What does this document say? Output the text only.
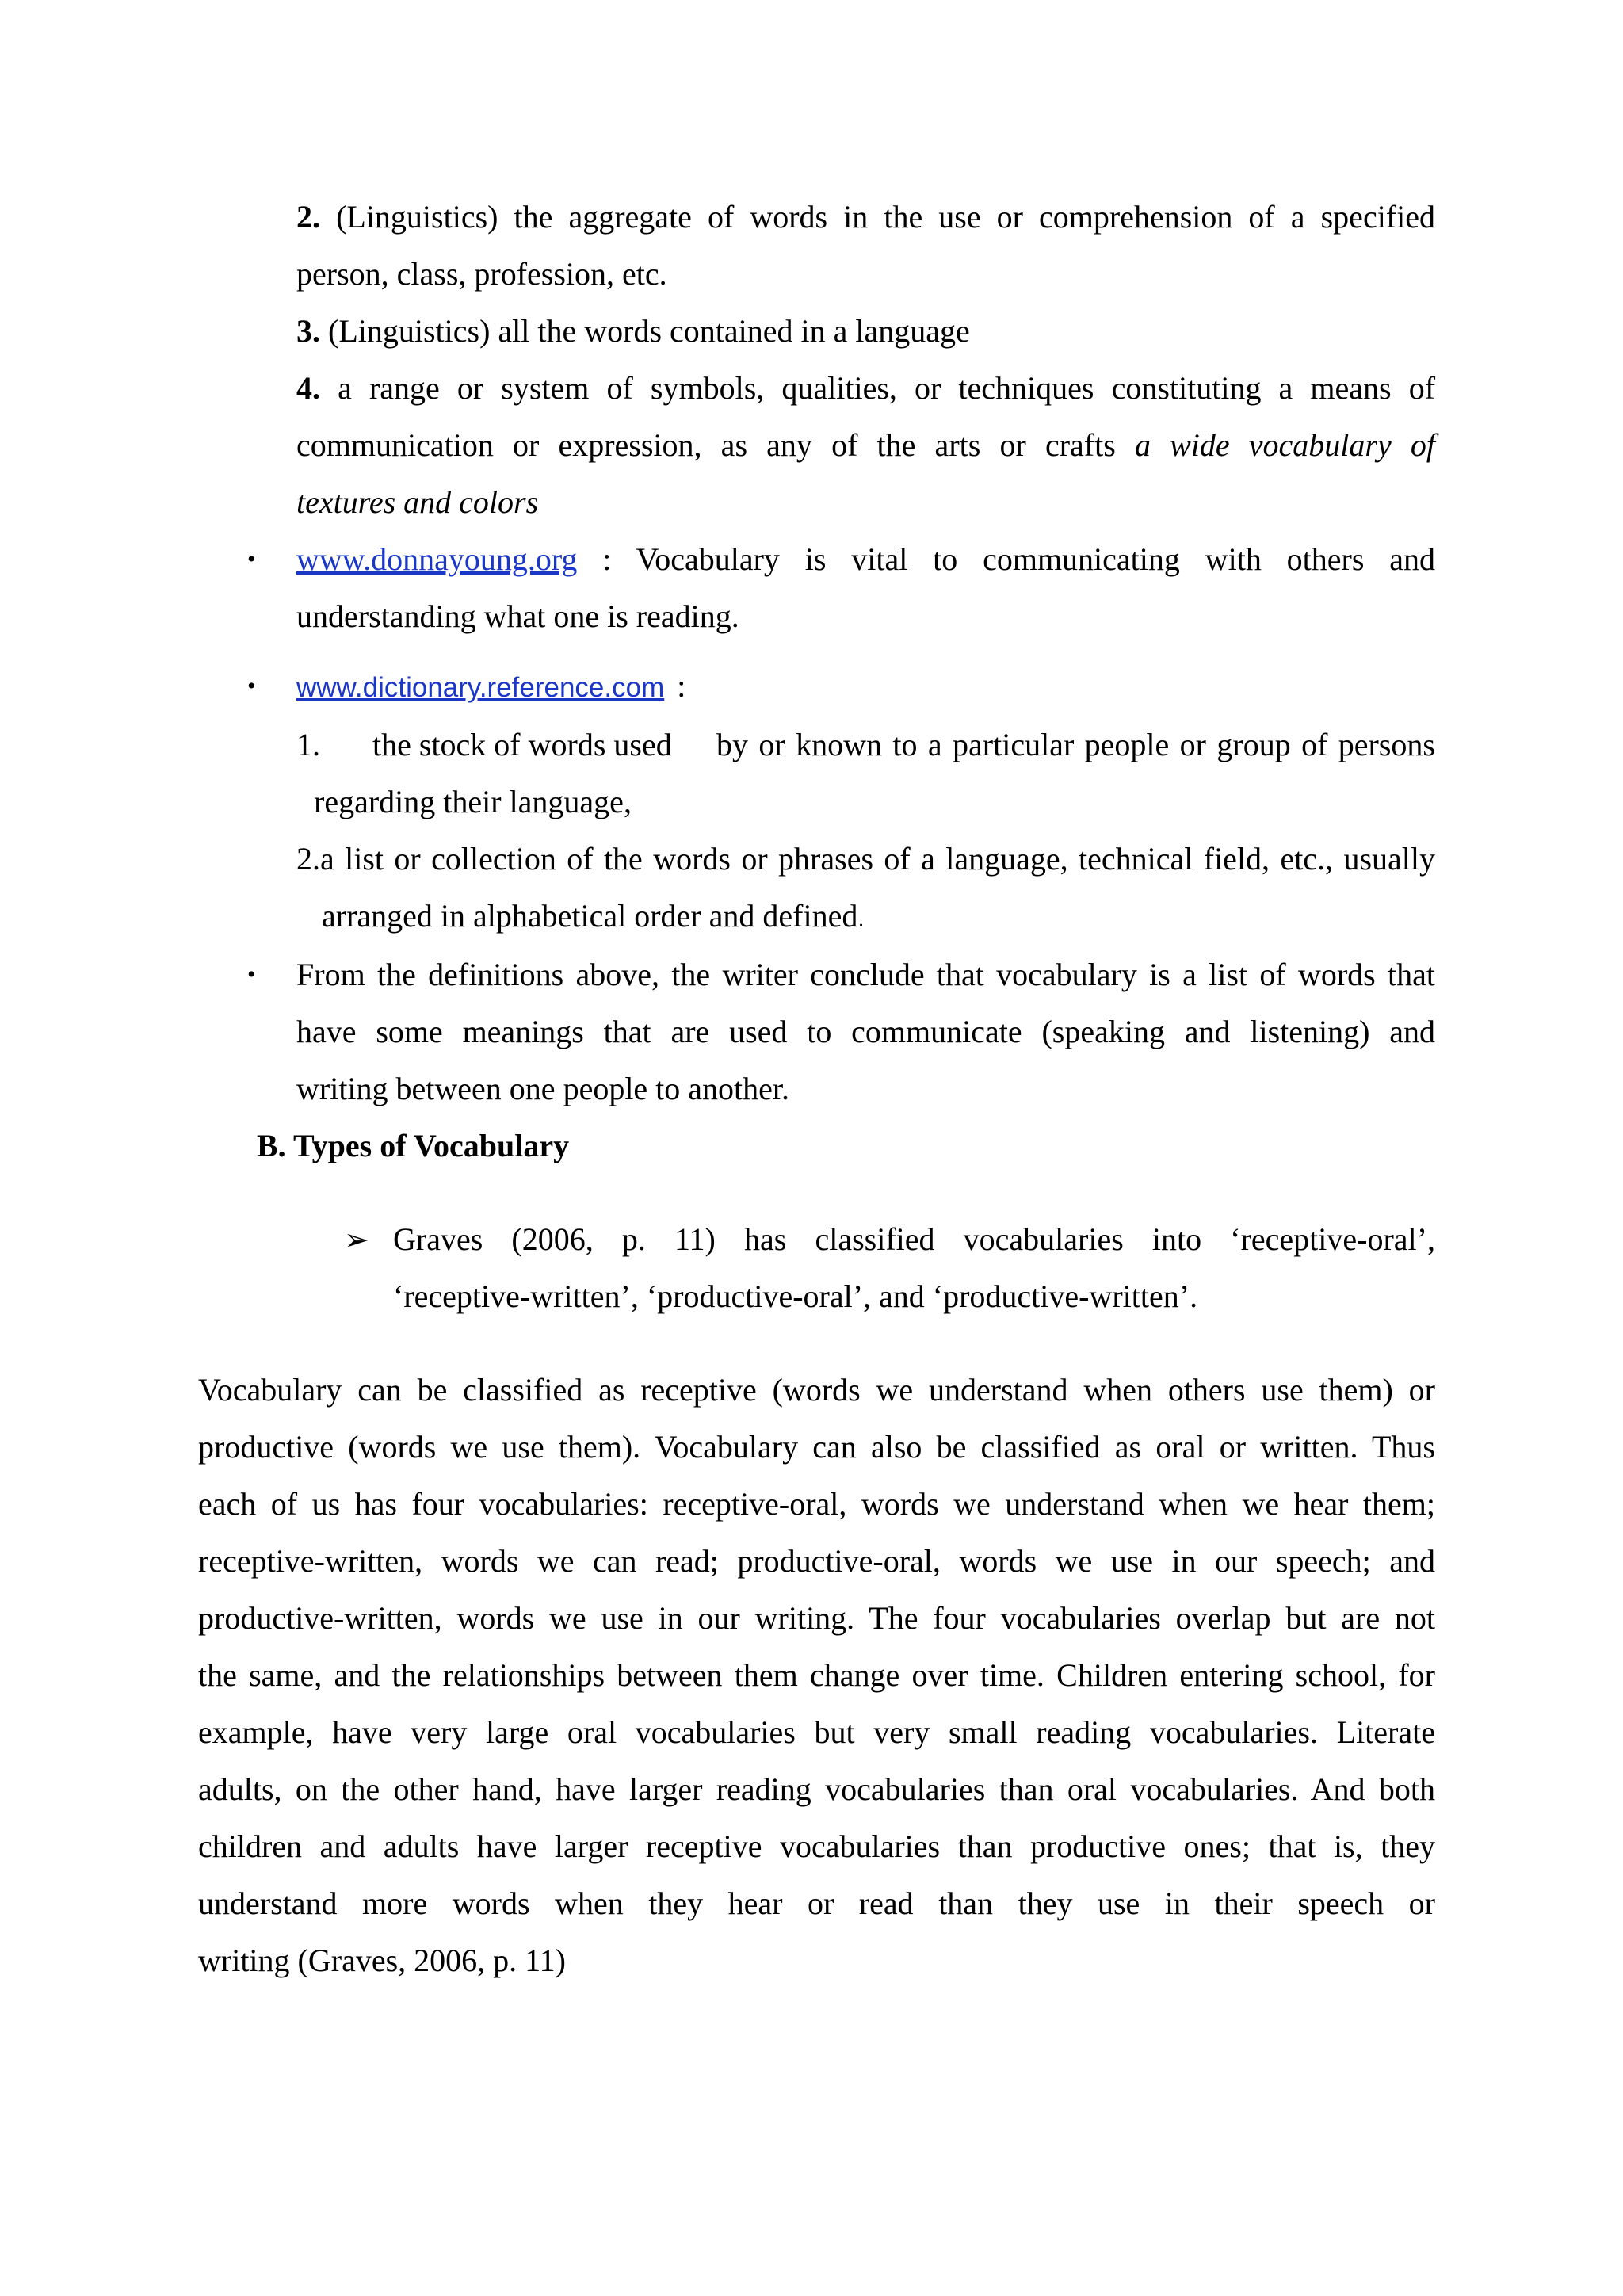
2. (Linguistics) the aggregate of words in the use or comprehension of a specified
person, class, profession, etc.
3. (Linguistics) all the words contained in a language
4. a range or system of symbols, qualities, or techniques constituting a means of
communication or expression, as any of the arts or crafts a wide vocabulary of
textures and colors
• www.donnayoung.org : Vocabulary is vital to communicating with others and
understanding what one is reading.
• www.dictionary.reference.com :
1. the stock of words used by or known to a particular people or group of persons
regarding their language,
2.a list or collection of the words or phrases of a language, technical field, etc., usually
arranged in alphabetical order and defined.
• From the definitions above, the writer conclude that vocabulary is a list of words that
have some meanings that are used to communicate (speaking and listening) and
writing between one people to another.
B. Types of Vocabulary
➢ Graves (2006, p. 11) has classified vocabularies into ‘receptive-oral’,
‘receptive-written’, ‘productive-oral’, and ‘productive-written’.
Vocabulary can be classified as receptive (words we understand when others use them) or
productive (words we use them). Vocabulary can also be classified as oral or written. Thus
each of us has four vocabularies: receptive-oral, words we understand when we hear them;
receptive-written, words we can read; productive-oral, words we use in our speech; and
productive-written, words we use in our writing. The four vocabularies overlap but are not
the same, and the relationships between them change over time. Children entering school, for
example, have very large oral vocabularies but very small reading vocabularies. Literate
adults, on the other hand, have larger reading vocabularies than oral vocabularies. And both
children and adults have larger receptive vocabularies than productive ones; that is, they
understand more words when they hear or read than they use in their speech or
writing (Graves, 2006, p. 11)
